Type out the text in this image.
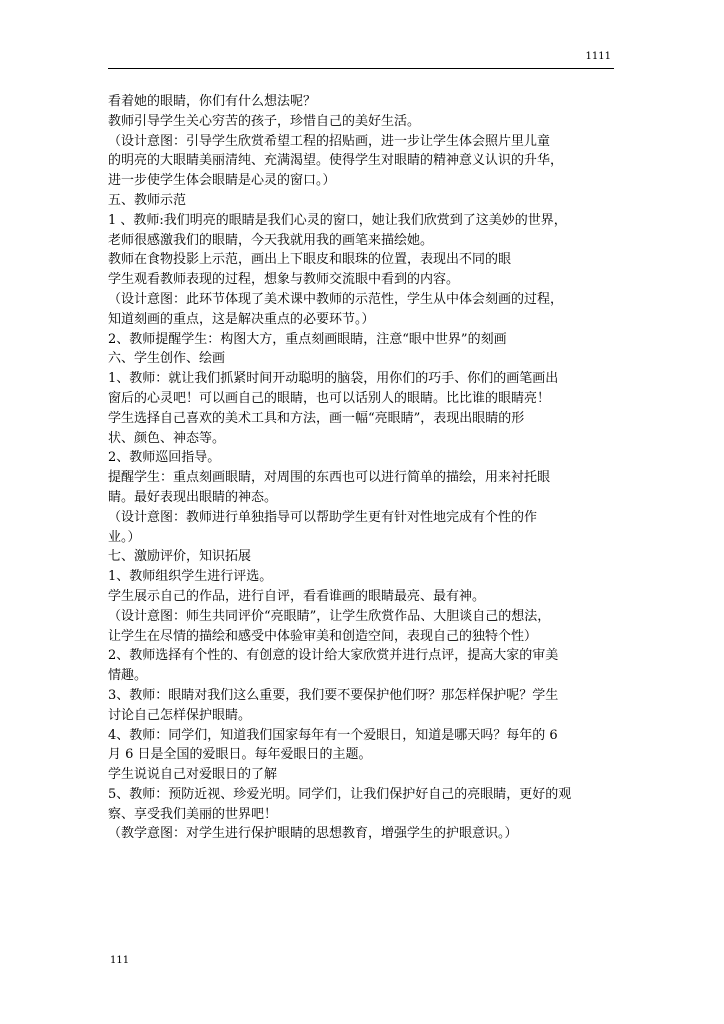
1111
看着她的眼睛，你们有什么想法呢？
教师引导学生关心穷苦的孩子，珍惜自己的美好生活。
（设计意图：引导学生欣赏希望工程的招贴画，进一步让学生体会照片里儿童
的明亮的大眼睛美丽清纯、充满渴望。使得学生对眼睛的精神意义认识的升华，
进一步使学生体会眼睛是心灵的窗口。）
五、教师示范
1 、教师:我们明亮的眼睛是我们心灵的窗口，她让我们欣赏到了这美妙的世界，
老师很感激我们的眼睛，今天我就用我的画笔来描绘她。
教师在食物投影上示范，画出上下眼皮和眼珠的位置，表现出不同的眼
学生观看教师表现的过程，想象与教师交流眼中看到的内容。
（设计意图：此环节体现了美术课中教师的示范性，学生从中体会刻画的过程，
知道刻画的重点，这是解决重点的必要环节。）
2、教师提醒学生：构图大方，重点刻画眼睛，注意“眼中世界”的刻画
六、学生创作、绘画
1、教师：就让我们抓紧时间开动聪明的脑袋，用你们的巧手、你们的画笔画出
窗后的心灵吧！可以画自己的眼睛，也可以话别人的眼睛。比比谁的眼睛亮！
学生选择自己喜欢的美术工具和方法，画一幅“亮眼睛”，表现出眼睛的形
状、颜色、神态等。
2、教师巡回指导。
提醒学生：重点刻画眼睛，对周围的东西也可以进行简单的描绘，用来衬托眼
睛。最好表现出眼睛的神态。
（设计意图：教师进行单独指导可以帮助学生更有针对性地完成有个性的作
业。）
七、激励评价，知识拓展
1、教师组织学生进行评选。
学生展示自己的作品，进行自评，看看谁画的眼睛最亮、最有神。
（设计意图：师生共同评价“亮眼睛”，让学生欣赏作品、大胆谈自己的想法，
让学生在尽情的描绘和感受中体验审美和创造空间，表现自己的独特个性）
2、教师选择有个性的、有创意的设计给大家欣赏并进行点评，提高大家的审美
情趣。
3、教师：眼睛对我们这么重要，我们要不要保护他们呀？那怎样保护呢？学生
讨论自己怎样保护眼睛。
4、教师：同学们，知道我们国家每年有一个爱眼日，知道是哪天吗？每年的 6
月 6 日是全国的爱眼日。每年爱眼日的主题。
学生说说自己对爱眼日的了解
5、教师：预防近视、珍爱光明。同学们，让我们保护好自己的亮眼睛，更好的观
察、享受我们美丽的世界吧！
（教学意图：对学生进行保护眼睛的思想教育，增强学生的护眼意识。）
111
